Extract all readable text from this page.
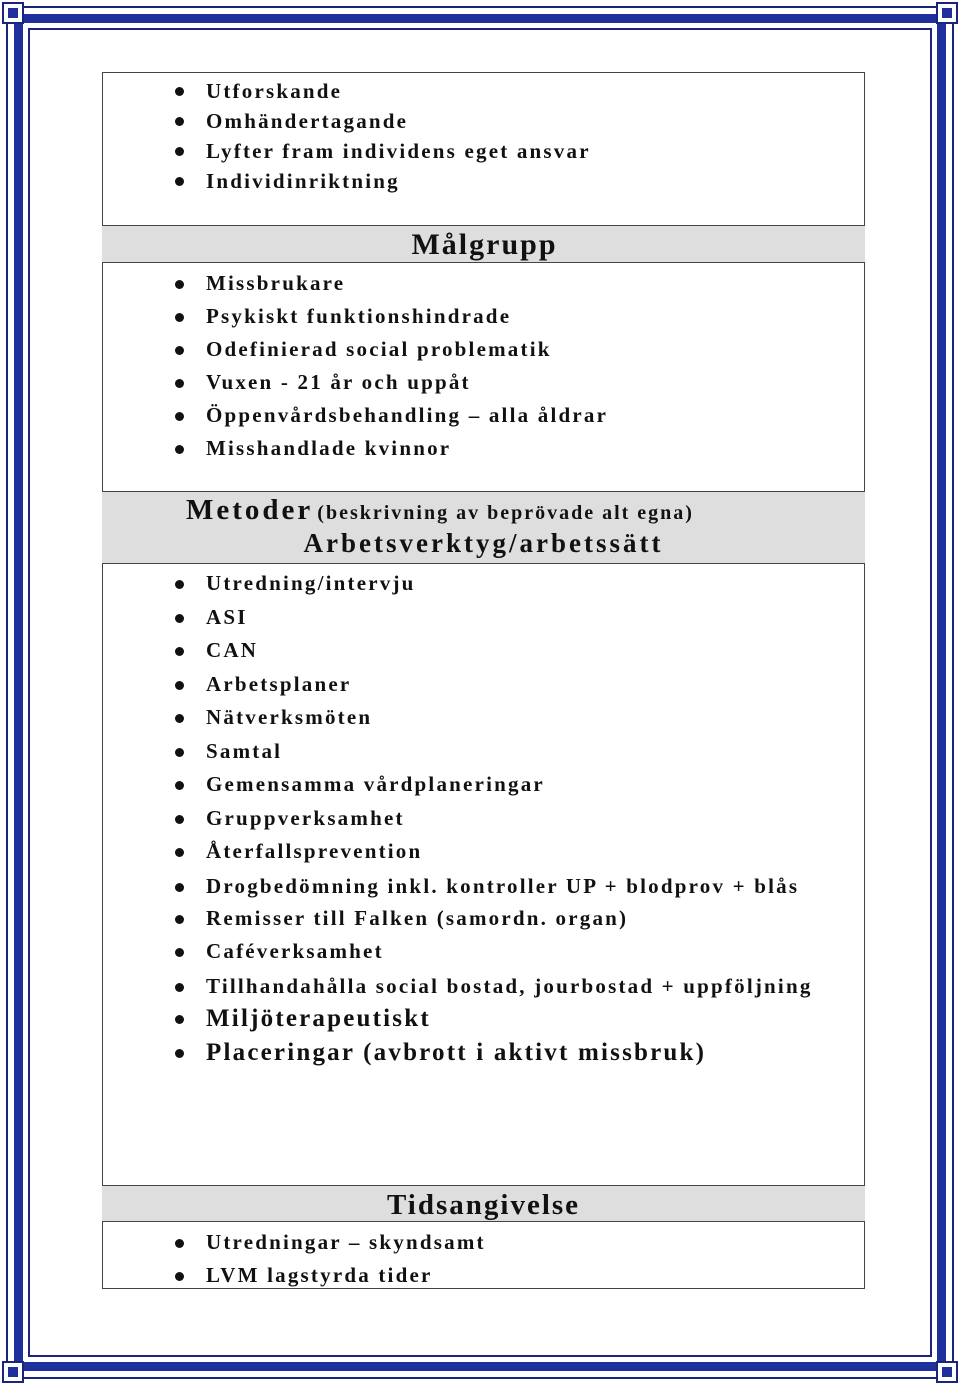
Utforskande
Omhändertagande
Lyfter fram individens eget ansvar
Individinriktning
Målgrupp
Missbrukare
Psykiskt funktionshindrade
Odefinierad social problematik
Vuxen - 21 år och uppåt
Öppenvårdsbehandling – alla åldrar
Misshandlade kvinnor
Metoder (beskrivning av beprövade alt egna)
Arbetsverktyg/arbetssätt
Utredning/intervju
ASI
CAN
Arbetsplaner
Nätverksmöten
Samtal
Gemensamma vårdplaneringar
Gruppverksamhet
Återfallsprevention
Drogbedömning inkl. kontroller UP + blodprov + blås
Remisser till Falken (samordn. organ)
Caféverksamhet
Tillhandahålla social bostad, jourbostad + uppföljning
Miljöterapeutiskt
Placeringar (avbrott i aktivt missbruk)
Tidsangivelse
Utredningar – skyndsamt
LVM lagstyrda tider
